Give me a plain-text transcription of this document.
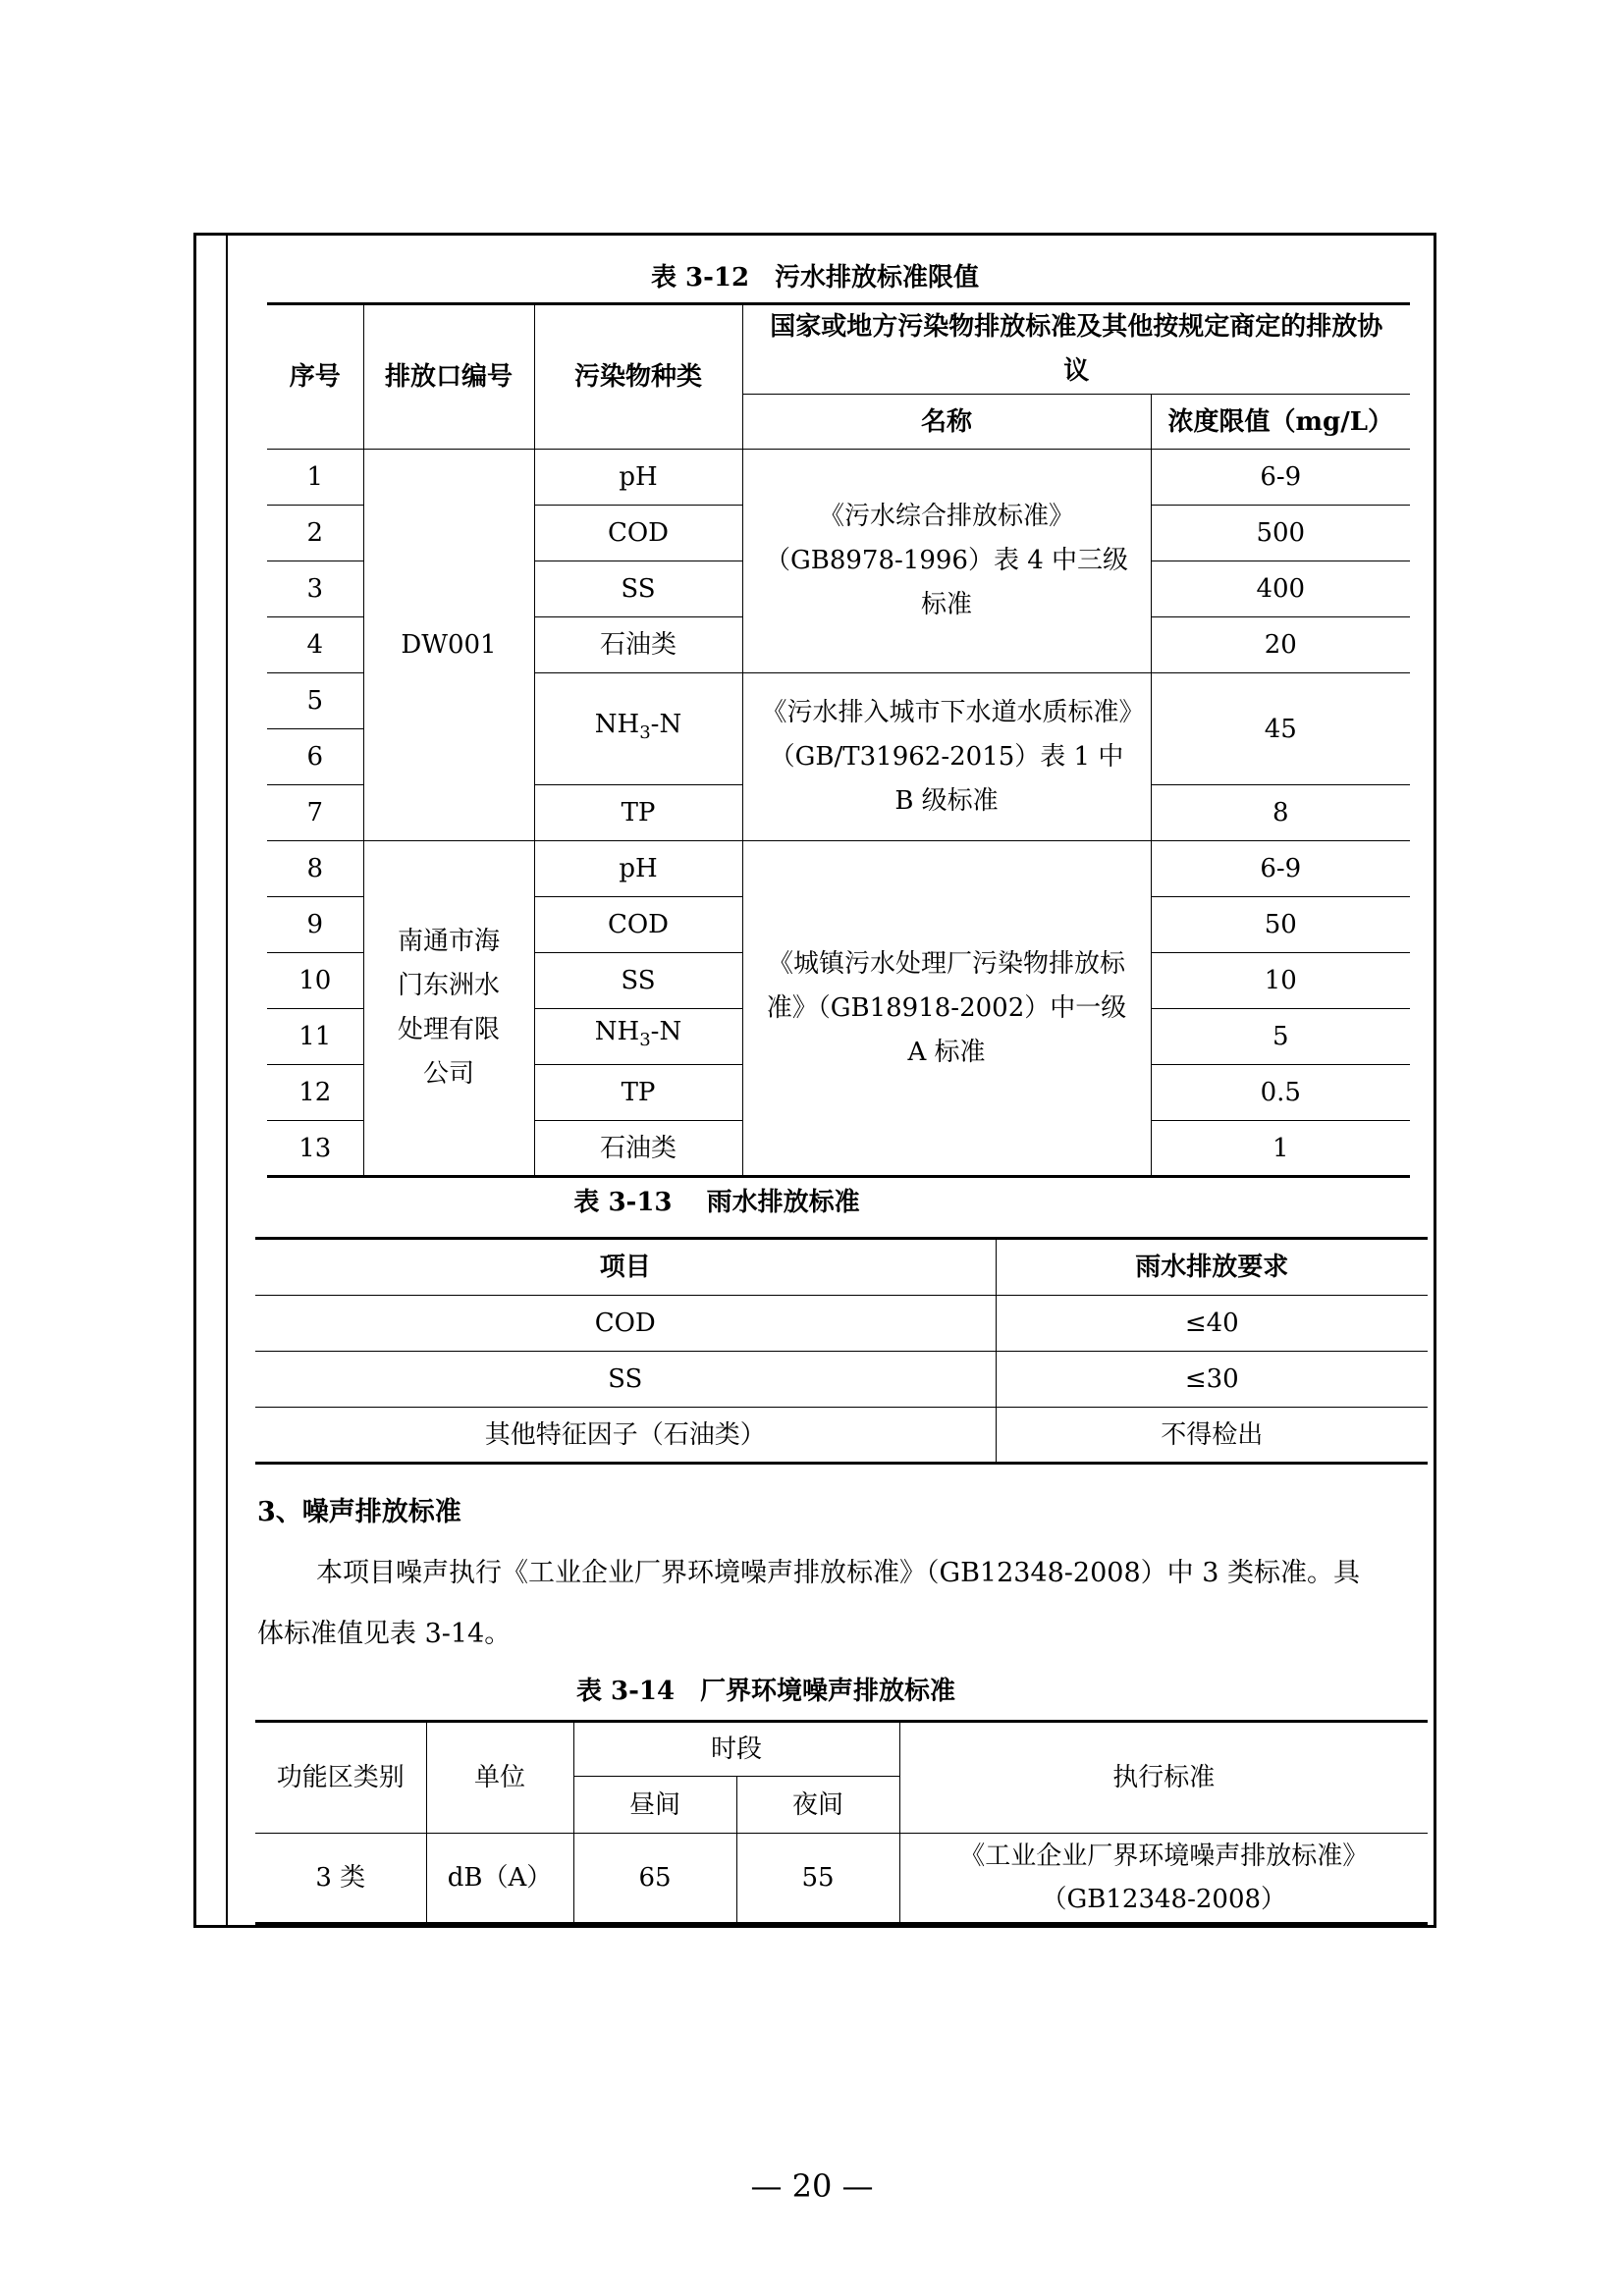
表 3-12　污水排放标准限值
序号	排放口编号	污染物种类	国家或地方污染物排放标准及其他按规定商定的排放协议	
			名称	浓度限值（mg/L）
1	DW001	pH	《污水综合排放标准》（GB8978-1996）表 4 中三级标准	6-9
2		COD		500
3		SS		400
4		石油类		20
5		$NH_3-N$	《污水排入城市下水道水质标准》（GB/T31962-2015）表 1 中 B 级标准	45
6				
7		TP		8
8	南通市海门东洲水处理有限公司	pH	《城镇污水处理厂污染物排放标准》（GB18918-2002）中一级 A 标准	6-9
9		COD		50
10		SS		10
11		$NH_3-N$		5
12		TP		0.5
13		石油类		1
表 3-13　 雨水排放标准
项目	雨水排放要求
COD	≤40
SS	≤30
其他特征因子（石油类）	不得检出
3、噪声排放标准
本项目噪声执行《工业企业厂界环境噪声排放标准》（GB12348-2008）中 3 类标准。具
体标准值见表 3-14。
表 3-14　厂界环境噪声排放标准
功能区类别	单位	时段		执行标准
		昼间	夜间	
3 类	dB（A）	65	55	《工业企业厂界环境噪声排放标准》（GB12348-2008）
— 20 —
